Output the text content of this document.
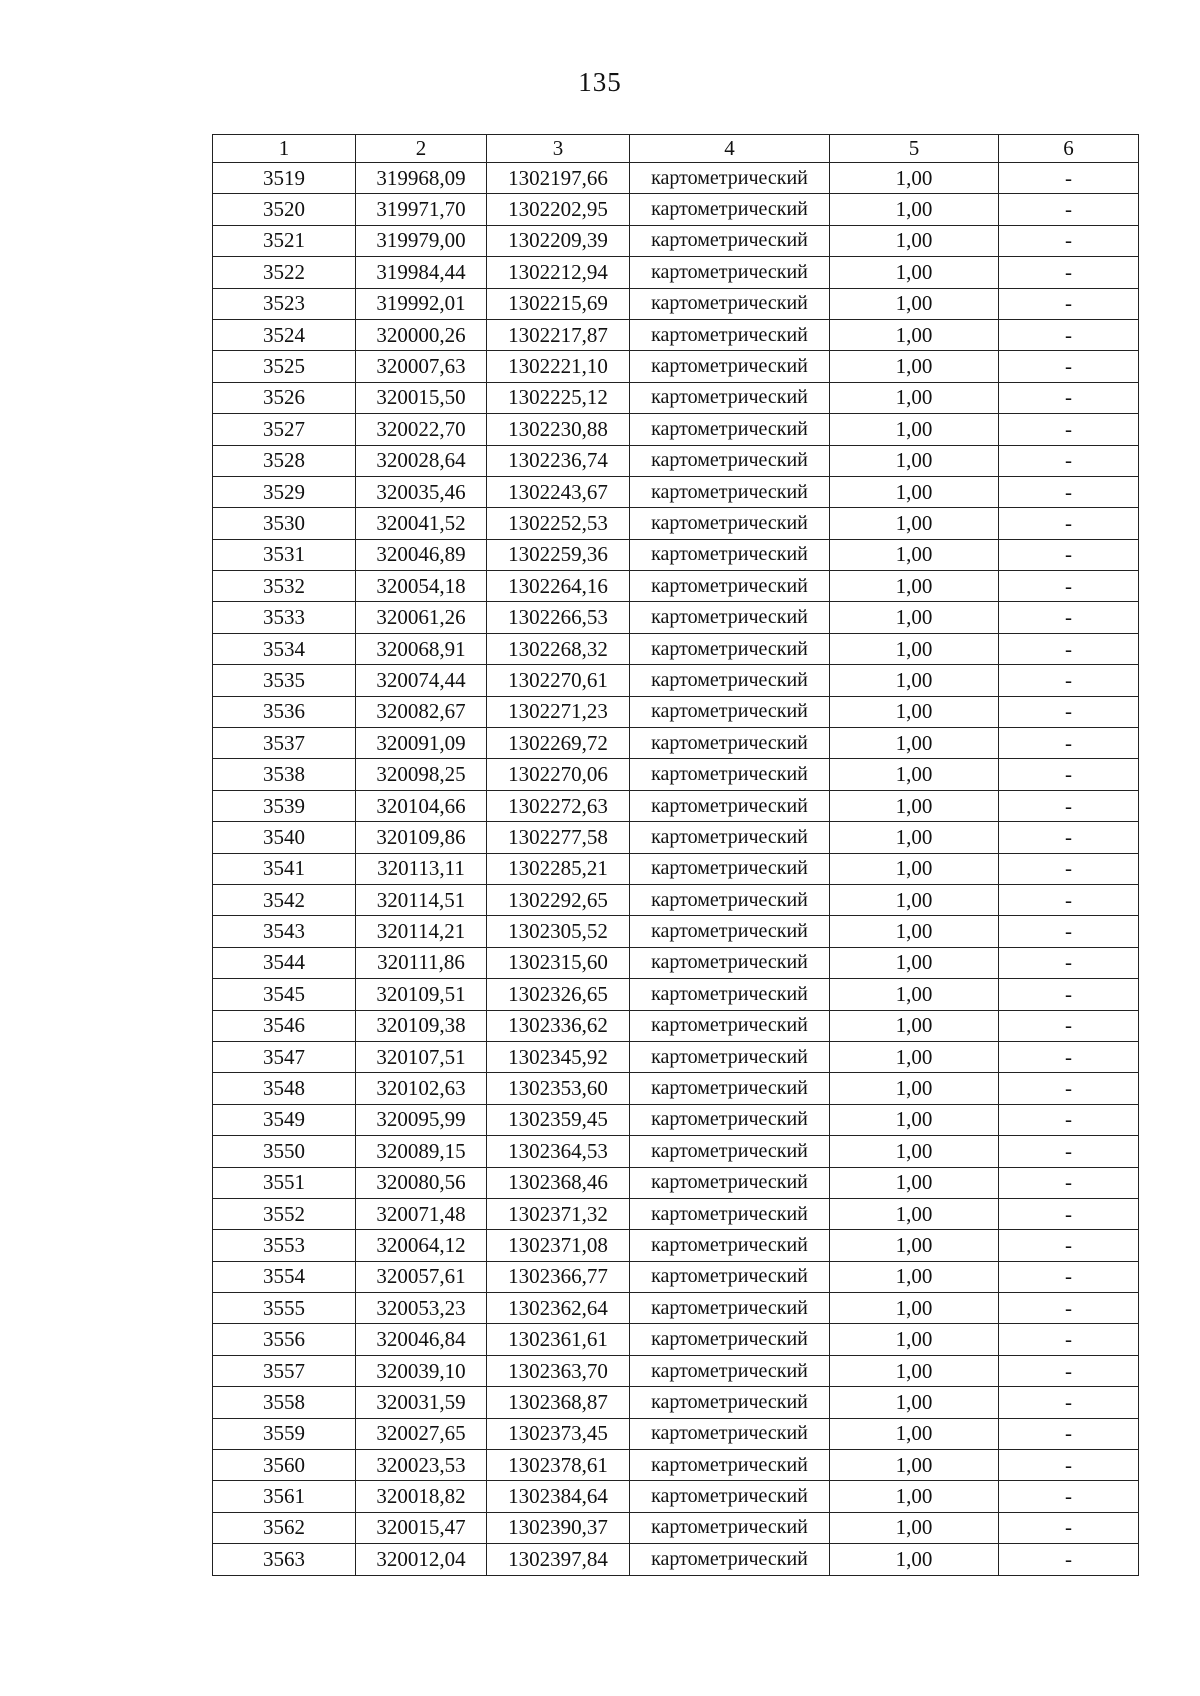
135
1	2	3	4	5	6
3519	319968,09	1302197,66	картометрический	1,00	-
3520	319971,70	1302202,95	картометрический	1,00	-
3521	319979,00	1302209,39	картометрический	1,00	-
3522	319984,44	1302212,94	картометрический	1,00	-
3523	319992,01	1302215,69	картометрический	1,00	-
3524	320000,26	1302217,87	картометрический	1,00	-
3525	320007,63	1302221,10	картометрический	1,00	-
3526	320015,50	1302225,12	картометрический	1,00	-
3527	320022,70	1302230,88	картометрический	1,00	-
3528	320028,64	1302236,74	картометрический	1,00	-
3529	320035,46	1302243,67	картометрический	1,00	-
3530	320041,52	1302252,53	картометрический	1,00	-
3531	320046,89	1302259,36	картометрический	1,00	-
3532	320054,18	1302264,16	картометрический	1,00	-
3533	320061,26	1302266,53	картометрический	1,00	-
3534	320068,91	1302268,32	картометрический	1,00	-
3535	320074,44	1302270,61	картометрический	1,00	-
3536	320082,67	1302271,23	картометрический	1,00	-
3537	320091,09	1302269,72	картометрический	1,00	-
3538	320098,25	1302270,06	картометрический	1,00	-
3539	320104,66	1302272,63	картометрический	1,00	-
3540	320109,86	1302277,58	картометрический	1,00	-
3541	320113,11	1302285,21	картометрический	1,00	-
3542	320114,51	1302292,65	картометрический	1,00	-
3543	320114,21	1302305,52	картометрический	1,00	-
3544	320111,86	1302315,60	картометрический	1,00	-
3545	320109,51	1302326,65	картометрический	1,00	-
3546	320109,38	1302336,62	картометрический	1,00	-
3547	320107,51	1302345,92	картометрический	1,00	-
3548	320102,63	1302353,60	картометрический	1,00	-
3549	320095,99	1302359,45	картометрический	1,00	-
3550	320089,15	1302364,53	картометрический	1,00	-
3551	320080,56	1302368,46	картометрический	1,00	-
3552	320071,48	1302371,32	картометрический	1,00	-
3553	320064,12	1302371,08	картометрический	1,00	-
3554	320057,61	1302366,77	картометрический	1,00	-
3555	320053,23	1302362,64	картометрический	1,00	-
3556	320046,84	1302361,61	картометрический	1,00	-
3557	320039,10	1302363,70	картометрический	1,00	-
3558	320031,59	1302368,87	картометрический	1,00	-
3559	320027,65	1302373,45	картометрический	1,00	-
3560	320023,53	1302378,61	картометрический	1,00	-
3561	320018,82	1302384,64	картометрический	1,00	-
3562	320015,47	1302390,37	картометрический	1,00	-
3563	320012,04	1302397,84	картометрический	1,00	-
